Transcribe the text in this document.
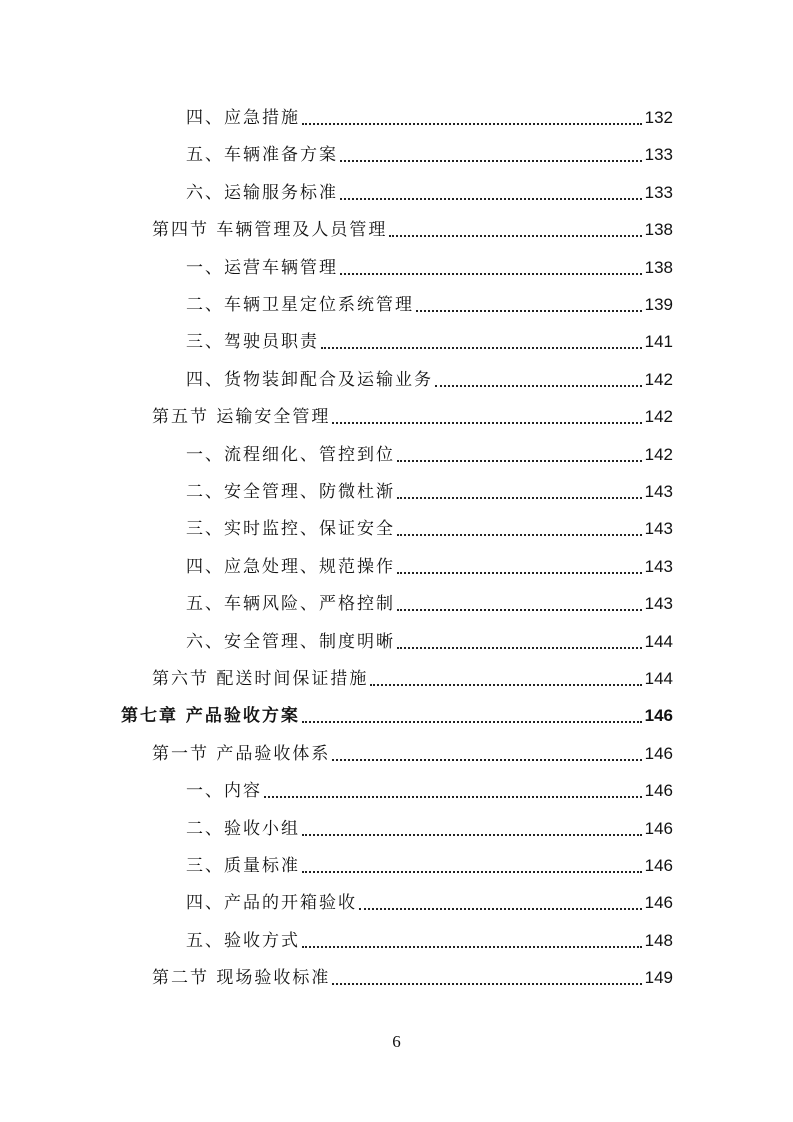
四、应急措施	132
五、车辆准备方案	133
六、运输服务标准	133
第四节 车辆管理及人员管理	138
一、运营车辆管理	138
二、车辆卫星定位系统管理	139
三、驾驶员职责	141
四、货物装卸配合及运输业务	142
第五节 运输安全管理	142
一、流程细化、管控到位	142
二、安全管理、防微杜渐	143
三、实时监控、保证安全	143
四、应急处理、规范操作	143
五、车辆风险、严格控制	143
六、安全管理、制度明晰	144
第六节 配送时间保证措施	144
第七章 产品验收方案	146
第一节 产品验收体系	146
一、内容	146
二、验收小组	146
三、质量标准	146
四、产品的开箱验收	146
五、验收方式	148
第二节 现场验收标准	149
6
